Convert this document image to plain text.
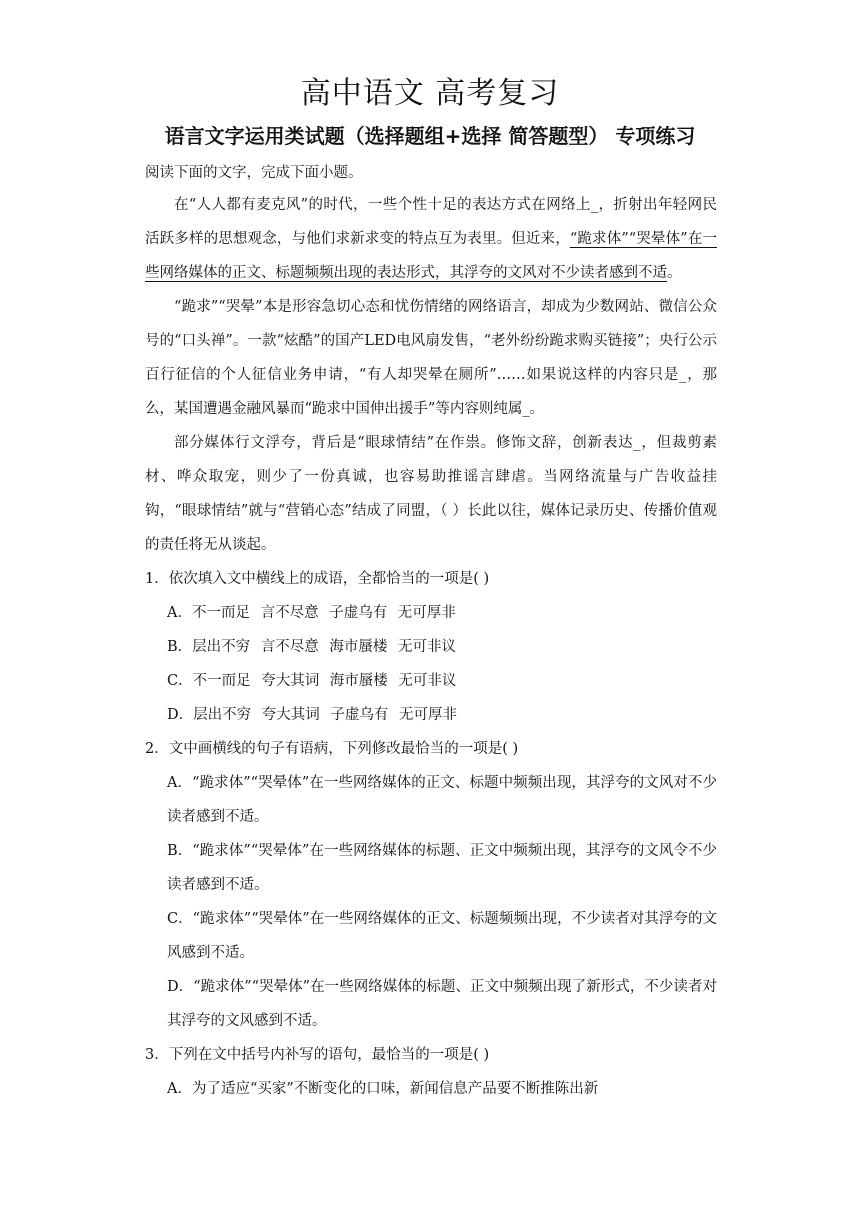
高中语文 高考复习
语言文字运用类试题（选择题组+选择 简答题型） 专项练习
阅读下面的文字，完成下面小题。
在“人人都有麦克风”的时代，一些个性十足的表达方式在网络上_，折射出年轻网民活跃多样的思想观念，与他们求新求变的特点互为表里。但近来，“跪求体”“哭晕体”在一些网络媒体的正文、标题频频出现的表达形式，其浮夸的文风对不少读者感到不适。
“跪求”“哭晕”本是形容急切心态和忧伤情绪的网络语言，却成为少数网站、微信公众号的“口头禅”。一款“炫酷”的国产LED电风扇发售，“老外纷纷跪求购买链接”；央行公示百行征信的个人征信业务申请，“有人却哭晕在厕所”……如果说这样的内容只是_，那么，某国遭遇金融风暴而“跪求中国伸出援手”等内容则纯属_。
部分媒体行文浮夸，背后是“眼球情结”在作祟。修饰文辞，创新表达_，但裁剪素材、哗众取宠，则少了一份真诚，也容易助推谣言肆虐。当网络流量与广告收益挂钩，“眼球情结”就与“营销心态”结成了同盟，（ ）长此以往，媒体记录历史、传播价值观的责任将无从谈起。
1．依次填入文中横线上的成语，全都恰当的一项是( )
A．不一而足 言不尽意 子虚乌有 无可厚非
B．层出不穷 言不尽意 海市蜃楼 无可非议
C．不一而足 夸大其词 海市蜃楼 无可非议
D．层出不穷 夸大其词 子虚乌有 无可厚非
2．文中画横线的句子有语病，下列修改最恰当的一项是( )
A．“跪求体”“哭晕体”在一些网络媒体的正文、标题中频频出现，其浮夸的文风对不少读者感到不适。
B．“跪求体”“哭晕体”在一些网络媒体的标题、正文中频频出现，其浮夸的文风令不少读者感到不适。
C．“跪求体”“哭晕体”在一些网络媒体的正文、标题频频出现，不少读者对其浮夸的文风感到不适。
D．“跪求体”“哭晕体”在一些网络媒体的标题、正文中频频出现了新形式，不少读者对其浮夸的文风感到不适。
3．下列在文中括号内补写的语句，最恰当的一项是( )
A．为了适应“买家”不断变化的口味，新闻信息产品要不断推陈出新
